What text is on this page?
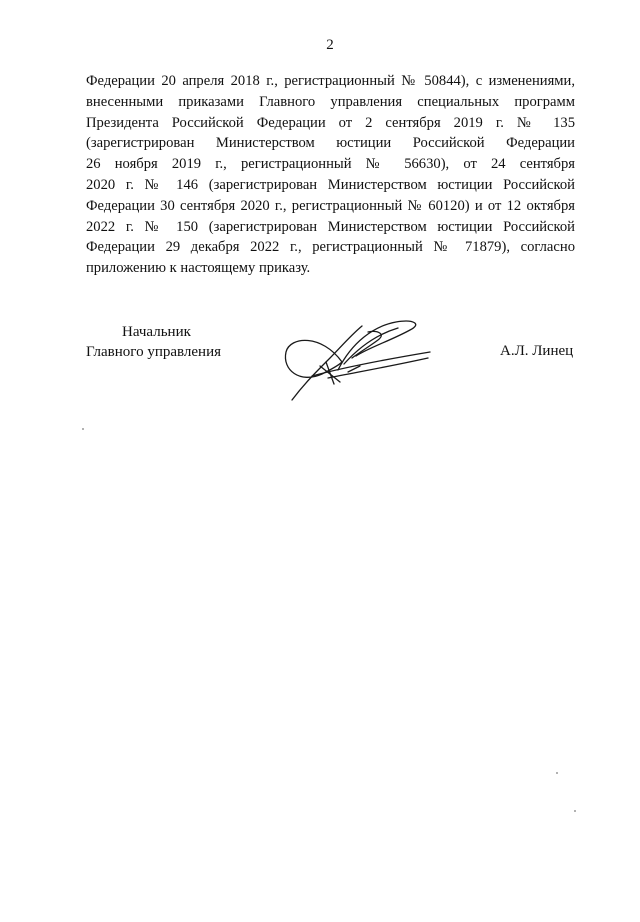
2
Федерации 20 апреля 2018 г., регистрационный № 50844), с изменениями,
внесенными приказами Главного управления специальных программ
Президента Российской Федерации от 2 сентября 2019 г. № 135
(зарегистрирован Министерством юстиции Российской Федерации
26 ноября 2019 г., регистрационный № 56630), от 24 сентября
2020 г. № 146 (зарегистрирован Министерством юстиции Российской
Федерации 30 сентября 2020 г., регистрационный № 60120) и от 12 октября
2022 г. № 150 (зарегистрирован Министерством юстиции Российской
Федерации 29 декабря 2022 г., регистрационный № 71879), согласно
приложению к настоящему приказу.
Начальник
Главного управления	А.Л. Линец
